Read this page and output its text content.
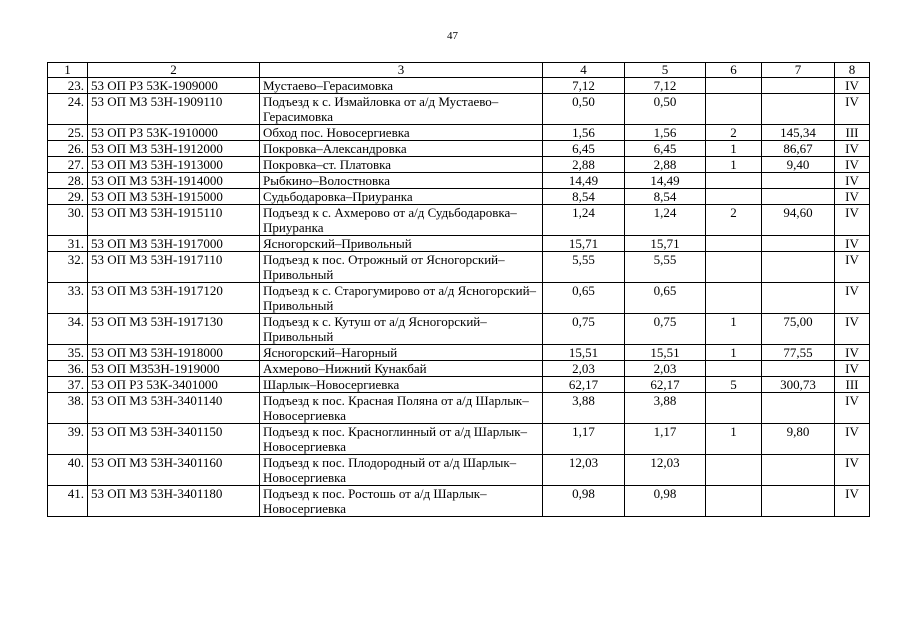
47
1	2	3	4	5	6	7	8
23.	53 ОП РЗ 53К-1909000	Мустаево–Герасимовка	7,12	7,12			IV
24.	53 ОП МЗ 53Н-1909110	Подъезд к с. Измайловка от а/д Мустаево–Герасимовка	0,50	0,50			IV
25.	53 ОП РЗ 53К-1910000	Обход пос. Новосергиевка	1,56	1,56	2	145,34	III
26.	53 ОП МЗ 53Н-1912000	Покровка–Александровка	6,45	6,45	1	86,67	IV
27.	53 ОП МЗ 53Н-1913000	Покровка–ст. Платовка	2,88	2,88	1	9,40	IV
28.	53 ОП МЗ 53Н-1914000	Рыбкино–Волостновка	14,49	14,49			IV
29.	53 ОП МЗ 53Н-1915000	Судьбодаровка–Приуранка	8,54	8,54			IV
30.	53 ОП МЗ 53Н-1915110	Подъезд к с. Ахмерово от а/д Судьбодаровка–Приуранка	1,24	1,24	2	94,60	IV
31.	53 ОП МЗ 53Н-1917000	Ясногорский–Привольный	15,71	15,71			IV
32.	53 ОП МЗ 53Н-1917110	Подъезд к пос. Отрожный от Ясногорский–Привольный	5,55	5,55			IV
33.	53 ОП МЗ 53Н-1917120	Подъезд к с. Старогумирово от а/д Ясногорский–Привольный	0,65	0,65			IV
34.	53 ОП МЗ 53Н-1917130	Подъезд к с. Кутуш от а/д Ясногорский–Привольный	0,75	0,75	1	75,00	IV
35.	53 ОП МЗ 53Н-1918000	Ясногорский–Нагорный	15,51	15,51	1	77,55	IV
36.	53 ОП МЗ53Н-1919000	Ахмерово–Нижний Кунакбай	2,03	2,03			IV
37.	53 ОП РЗ 53К-3401000	Шарлык–Новосергиевка	62,17	62,17	5	300,73	III
38.	53 ОП МЗ 53Н-3401140	Подъезд к пос. Красная Поляна от а/д Шарлык–Новосергиевка	3,88	3,88			IV
39.	53 ОП МЗ 53Н-3401150	Подъезд к пос. Красноглинный от а/д Шарлык–Новосергиевка	1,17	1,17	1	9,80	IV
40.	53 ОП МЗ 53Н-3401160	Подъезд к пос. Плодородный от а/д Шарлык–Новосергиевка	12,03	12,03			IV
41.	53 ОП МЗ 53Н-3401180	Подъезд к пос. Ростошь от а/д Шарлык–Новосергиевка	0,98	0,98			IV
